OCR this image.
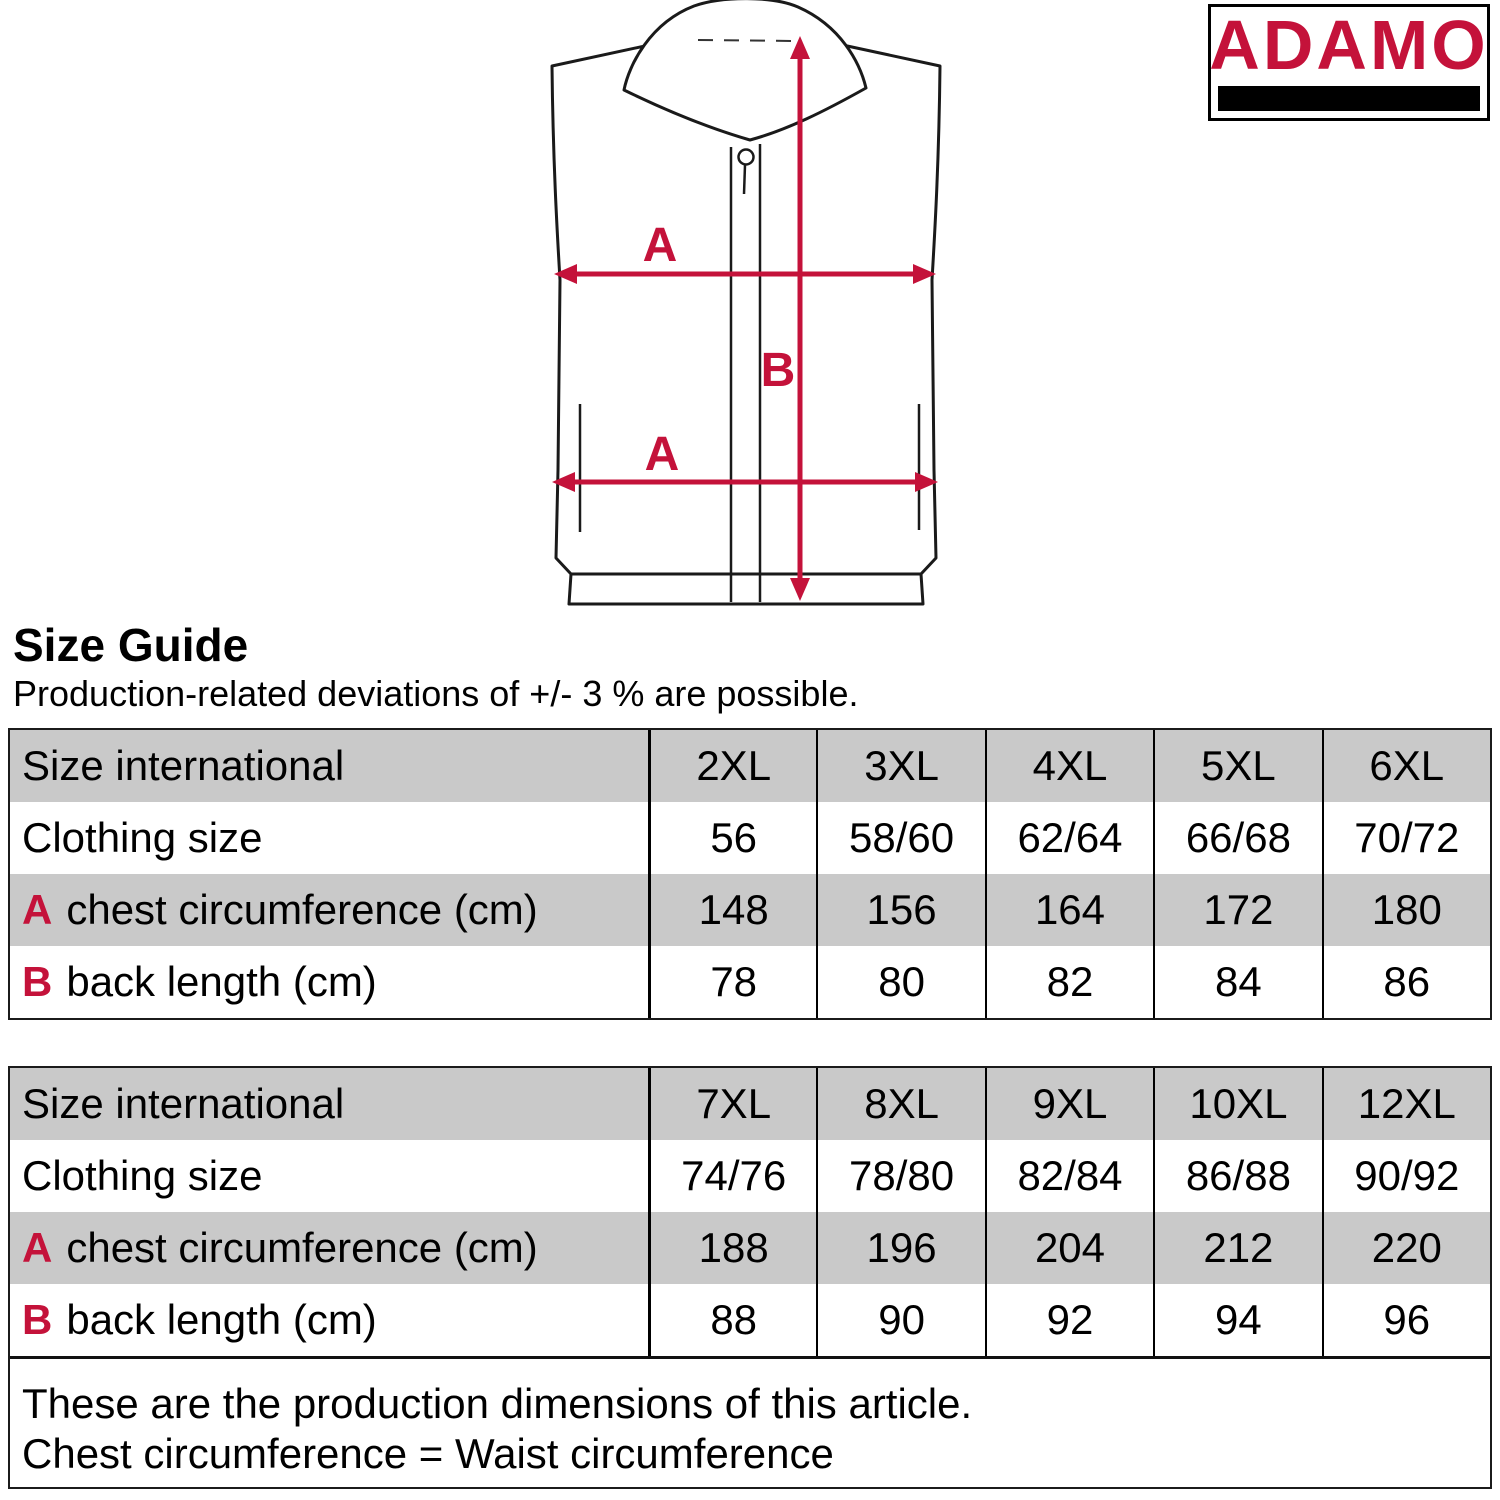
A
A
B
ADAMO
Size Guide
Production-related deviations of +/- 3 % are possible.
Size international	2XL	3XL	4XL	5XL	6XL
Clothing size	56	58/60	62/64	66/68	70/72
A chest circumference (cm)	148	156	164	172	180
B back length (cm)	78	80	82	84	86
Size international	7XL	8XL	9XL	10XL	12XL
Clothing size	74/76	78/80	82/84	86/88	90/92
A chest circumference (cm)	188	196	204	212	220
B back length (cm)	88	90	92	94	96
These are the production dimensions of this article.
Chest circumference = Waist circumference
